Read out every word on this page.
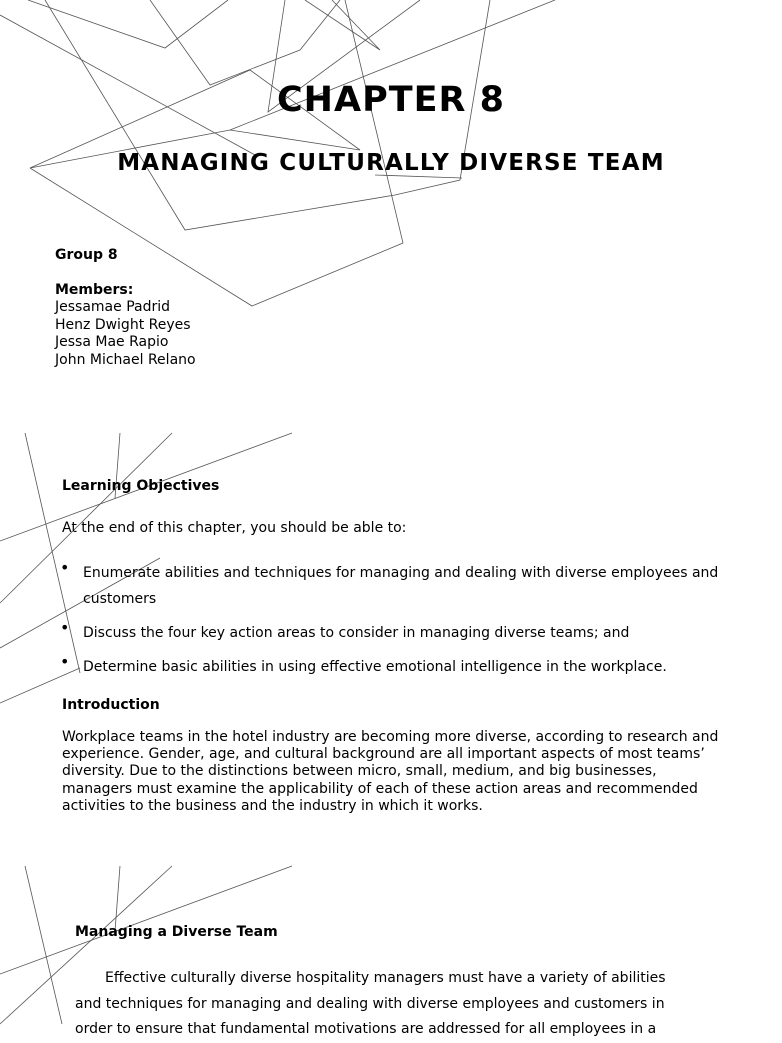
CHAPTER 8
MANAGING CULTURALLY DIVERSE TEAM
Group 8
Members:
Jessamae Padrid
Henz Dwight Reyes
Jessa Mae Rapio
John Michael Relano

Learning Objectives

At the end of this chapter, you should be able to:

• Enumerate abilities and techniques for managing and dealing with diverse employees and customers
• Discuss the four key action areas to consider in managing diverse teams; and
• Determine basic abilities in using effective emotional intelligence in the workplace.

Introduction

Workplace teams in the hotel industry are becoming more diverse, according to research and experience. Gender, age, and cultural background are all important aspects of most teams’ diversity. Due to the distinctions between micro, small, medium, and big businesses, managers must examine the applicability of each of these action areas and recommended activities to the business and the industry in which it works.

Managing a Diverse Team

Effective culturally diverse hospitality managers must have a variety of abilities and techniques for managing and dealing with diverse employees and customers in order to ensure that fundamental motivations are addressed for all employees in a
